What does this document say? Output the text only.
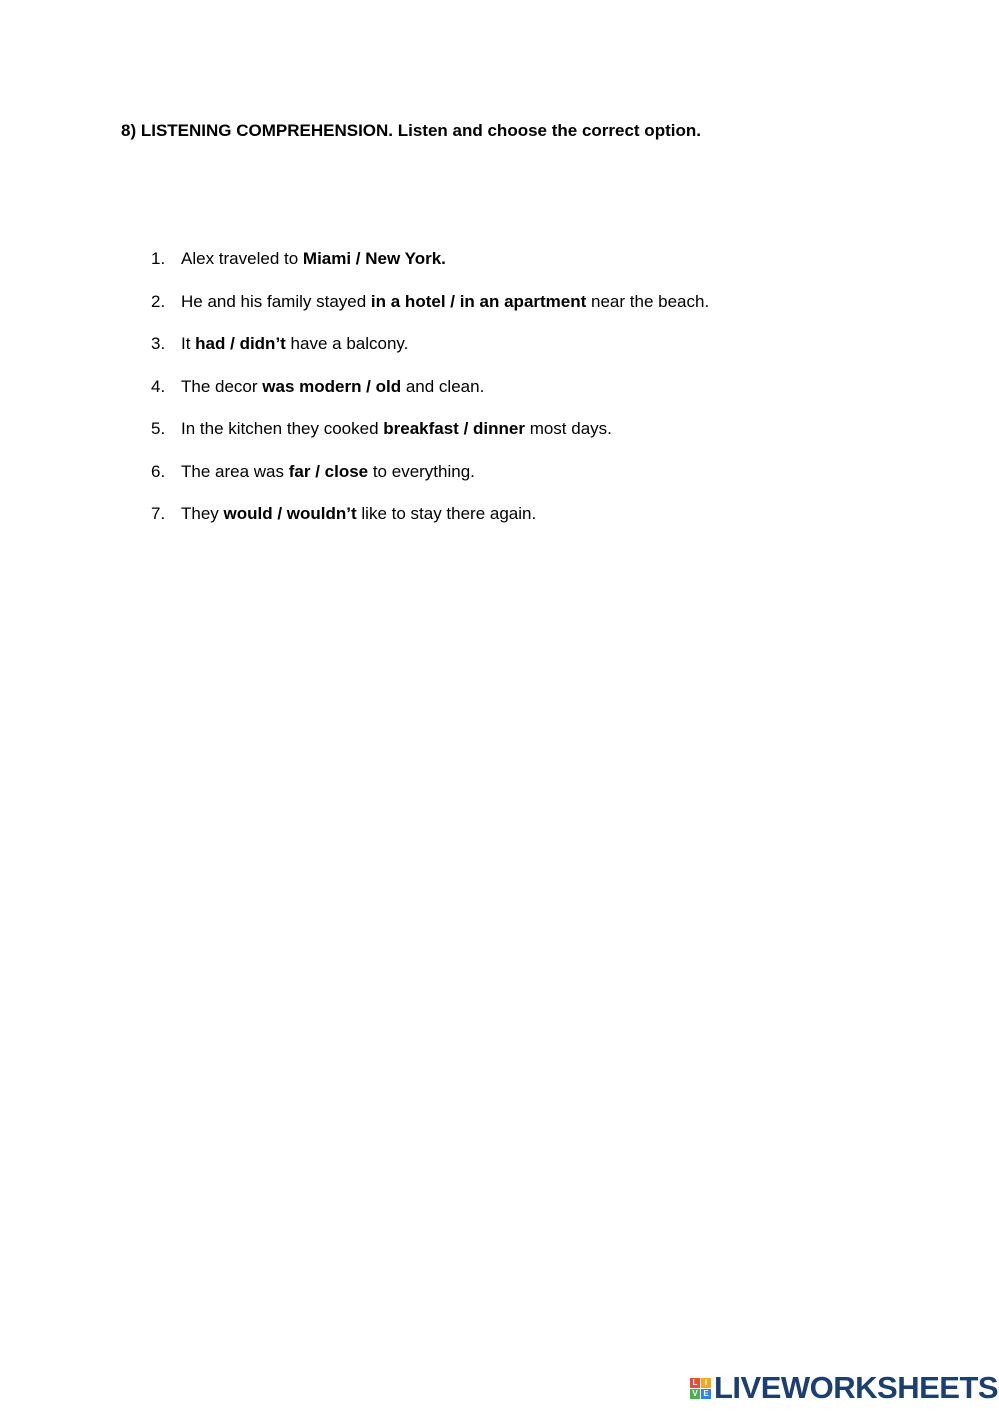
8) LISTENING COMPREHENSION. Listen and choose the correct option.

1. Alex traveled to Miami / New York.
2. He and his family stayed in a hotel / in an apartment near the beach.
3. It had / didn’t have a balcony.
4. The decor was modern / old and clean.
5. In the kitchen they cooked breakfast / dinner most days.
6. The area was far / close to everything.
7. They would / wouldn’t like to stay there again.
L I
V E LIVEWORKSHEETS
